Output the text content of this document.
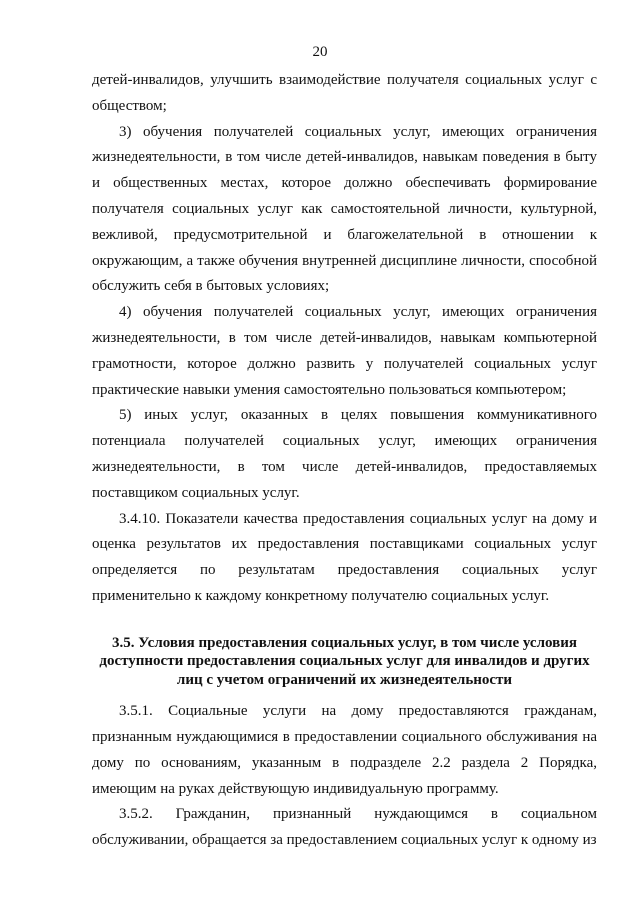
20

детей-инвалидов, улучшить взаимодействие получателя социальных услуг с обществом;

3) обучения получателей социальных услуг, имеющих ограничения жизнедеятельности, в том числе детей-инвалидов, навыкам поведения в быту и общественных местах, которое должно обеспечивать формирование получателя социальных услуг как самостоятельной личности, культурной, вежливой, предусмотрительной и благожелательной в отношении к окружающим, а также обучения внутренней дисциплине личности, способной обслужить себя в бытовых условиях;

4) обучения получателей социальных услуг, имеющих ограничения жизнедеятельности, в том числе детей-инвалидов, навыкам компьютерной грамотности, которое должно развить у получателей социальных услуг практические навыки умения самостоятельно пользоваться компьютером;

5) иных услуг, оказанных в целях повышения коммуникативного потенциала получателей социальных услуг, имеющих ограничения жизнедеятельности, в том числе детей-инвалидов, предоставляемых поставщиком социальных услуг.

3.4.10. Показатели качества предоставления социальных услуг на дому и оценка результатов их предоставления поставщиками социальных услуг определяется по результатам предоставления социальных услуг применительно к каждому конкретному получателю социальных услуг.

3.5. Условия предоставления социальных услуг, в том числе условия доступности предоставления социальных услуг для инвалидов и других лиц с учетом ограничений их жизнедеятельности

3.5.1. Социальные услуги на дому предоставляются гражданам, признанным нуждающимися в предоставлении социального обслуживания на дому по основаниям, указанным в подразделе 2.2 раздела 2 Порядка, имеющим на руках действующую индивидуальную программу.

3.5.2. Гражданин, признанный нуждающимся в социальном обслуживании, обращается за предоставлением социальных услуг к одному из
